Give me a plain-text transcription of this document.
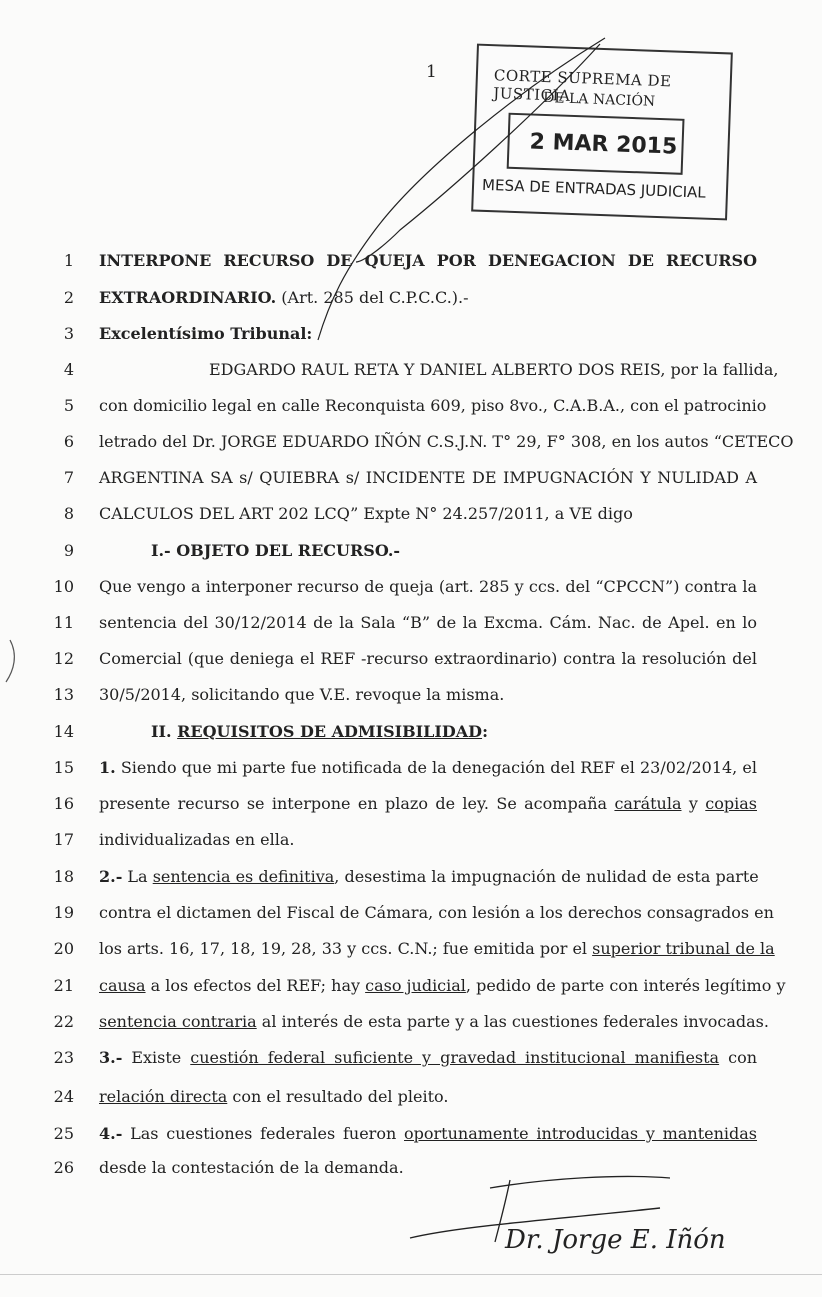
1	CORTE SUPREMA DE JUSTICIA
DE LA NACIÓN
2 MAR 2015
MESA DE ENTRADAS JUDICIAL
1 INTERPONE RECURSO DE QUEJA POR DENEGACION DE RECURSO
2 EXTRAORDINARIO. (Art. 285 del C.P.C.C.).-
3 Excelentísimo Tribunal:
4	EDGARDO RAUL RETA Y DANIEL ALBERTO DOS REIS, por la fallida,
5 con domicilio legal en calle Reconquista 609, piso 8vo., C.A.B.A., con el patrocinio
6 letrado del Dr. JORGE EDUARDO IÑÓN C.S.J.N. T° 29, F° 308, en los autos “CETECO
7 ARGENTINA SA s/ QUIEBRA s/ INCIDENTE DE IMPUGNACIÓN Y NULIDAD A
8 CALCULOS DEL ART 202 LCQ” Expte N° 24.257/2011, a VE digo
9	I.- OBJETO DEL RECURSO.-
10 Que vengo a interponer recurso de queja (art. 285 y ccs. del “CPCCN”) contra la
11 sentencia del 30/12/2014 de la Sala “B” de la Excma. Cám. Nac. de Apel. en lo
12 Comercial (que deniega el REF -recurso extraordinario) contra la resolución del
13 30/5/2014, solicitando que V.E. revoque la misma.
14	II. REQUISITOS DE ADMISIBILIDAD:
15 1. Siendo que mi parte fue notificada de la denegación del REF el 23/02/2014, el
16 presente recurso se interpone en plazo de ley. Se acompaña carátula y copias
17 individualizadas en ella.
18 2.- La sentencia es definitiva, desestima la impugnación de nulidad de esta parte
19 contra el dictamen del Fiscal de Cámara, con lesión a los derechos consagrados en
20 los arts. 16, 17, 18, 19, 28, 33 y ccs. C.N.; fue emitida por el superior tribunal de la
21 causa a los efectos del REF; hay caso judicial, pedido de parte con interés legítimo y
22 sentencia contraria al interés de esta parte y a las cuestiones federales invocadas.
23 3.- Existe cuestión federal suficiente y gravedad institucional manifiesta con
24 relación directa con el resultado del pleito.
25 4.- Las cuestiones federales fueron oportunamente introducidas y mantenidas
26 desde la contestación de la demanda.
Dr. Jorge E. Iñón
